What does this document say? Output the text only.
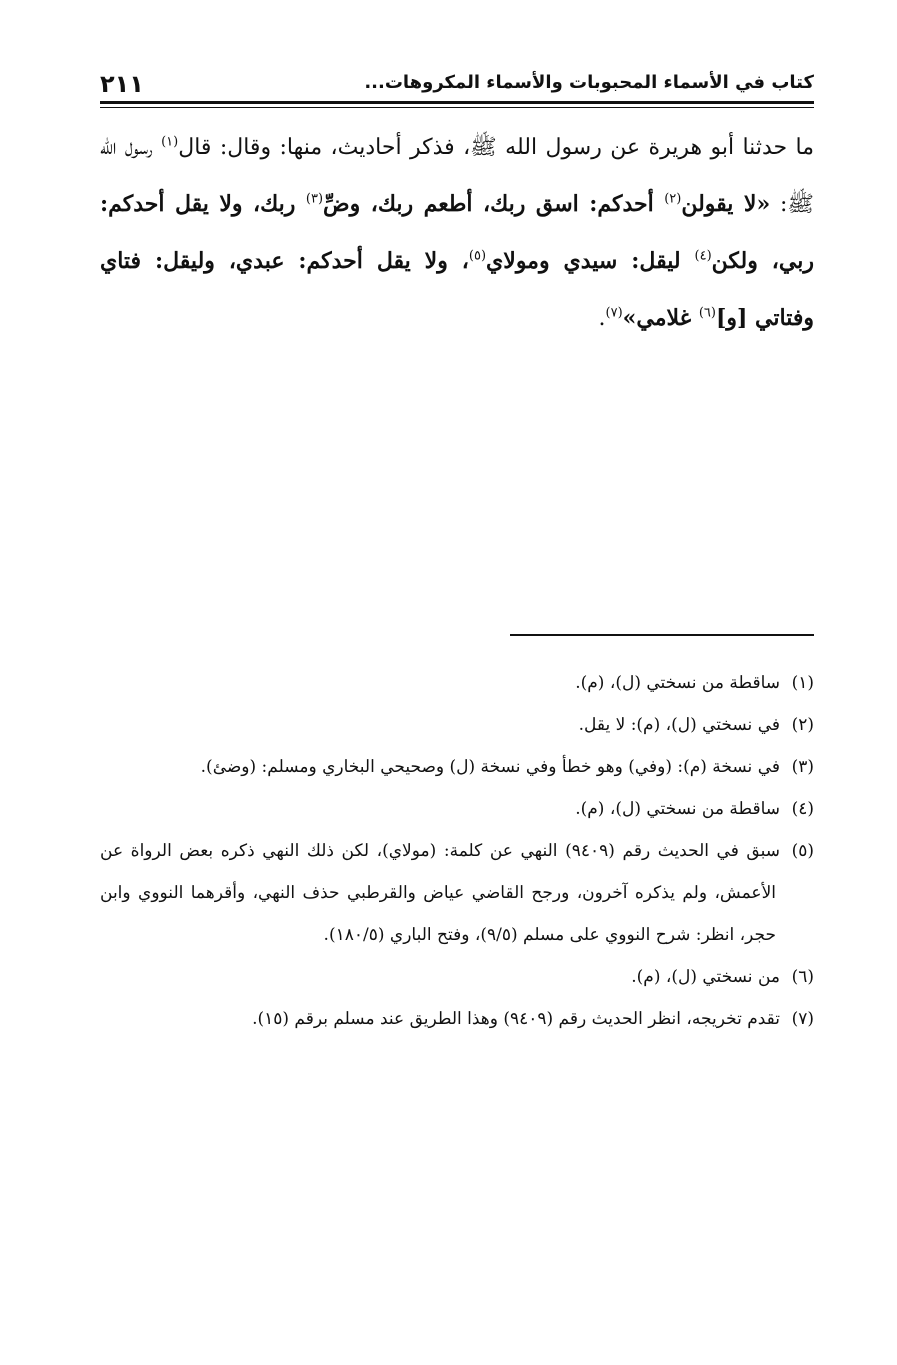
كتاب في الأسماء المحبوبات والأسماء المكروهات...
٢١١
ما حدثنا أبو هريرة عن رسول الله ﷺ، فذكر أحاديث، منها: وقال: قال$^{(١)}$ رسول الله ﷺ: «لا يقولن$^{(٢)}$ أحدكم: اسق ربك، أطعم ربك، وضِّ$^{(٣)}$ ربك، ولا يقل أحدكم: ربي، ولكن$^{(٤)}$ ليقل: سيدي ومولاي$^{(٥)}$، ولا يقل أحدكم: عبدي، وليقل: فتاي وفتاتي [و]$^{(٦)}$ غلامي»$^{(٧)}$.
(١)ساقطة من نسختي (ل)، (م).
(٢)في نسختي (ل)، (م): لا يقل.
(٣)في نسخة (م): (وفي) وهو خطأ وفي نسخة (ل) وصحيحي البخاري ومسلم: (وضئ).
(٤)ساقطة من نسختي (ل)، (م).
(٥)سبق في الحديث رقم (٩٤٠٩) النهي عن كلمة: (مولاي)، لكن ذلك النهي ذكره بعض الرواة عن الأعمش، ولم يذكره آخرون، ورجح القاضي عياض والقرطبي حذف النهي، وأقرهما النووي وابن حجر، انظر: شرح النووي على مسلم (٩/٥)، وفتح الباري (١٨٠/٥).
(٦)من نسختي (ل)، (م).
(٧)تقدم تخريجه، انظر الحديث رقم (٩٤٠٩) وهذا الطريق عند مسلم برقم (١٥).
